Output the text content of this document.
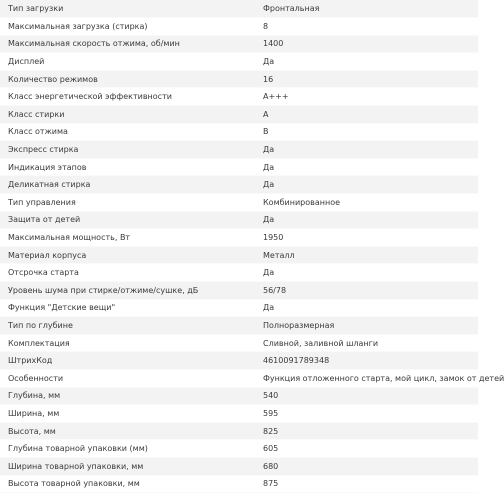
Тип загрузки	Фронтальная
Максимальная загрузка (стирка)	8
Максимальная скорость отжима, об/мин	1400
Дисплей	Да
Количество режимов	16
Класс энергетической эффективности	A+++
Класс стирки	A
Класс отжима	B
Экспресс стирка	Да
Индикация этапов	Да
Деликатная стирка	Да
Тип управления	Комбинированное
Защита от детей	Да
Максимальная мощность, Вт	1950
Материал корпуса	Металл
Отсрочка старта	Да
Уровень шума при стирке/отжиме/сушке, дБ	56/78
Функция "Детские вещи"	Да
Тип по глубине	Полноразмерная
Комплектация	Сливной, заливной шланги
ШтрихКод	4610091789348
Особенности	Функция отложенного старта, мой цикл, замок от детей
Глубина, мм	540
Ширина, мм	595
Высота, мм	825
Глубина товарной упаковки (мм)	605
Ширина товарной упаковки, мм	680
Высота товарной упаковки, мм	875
